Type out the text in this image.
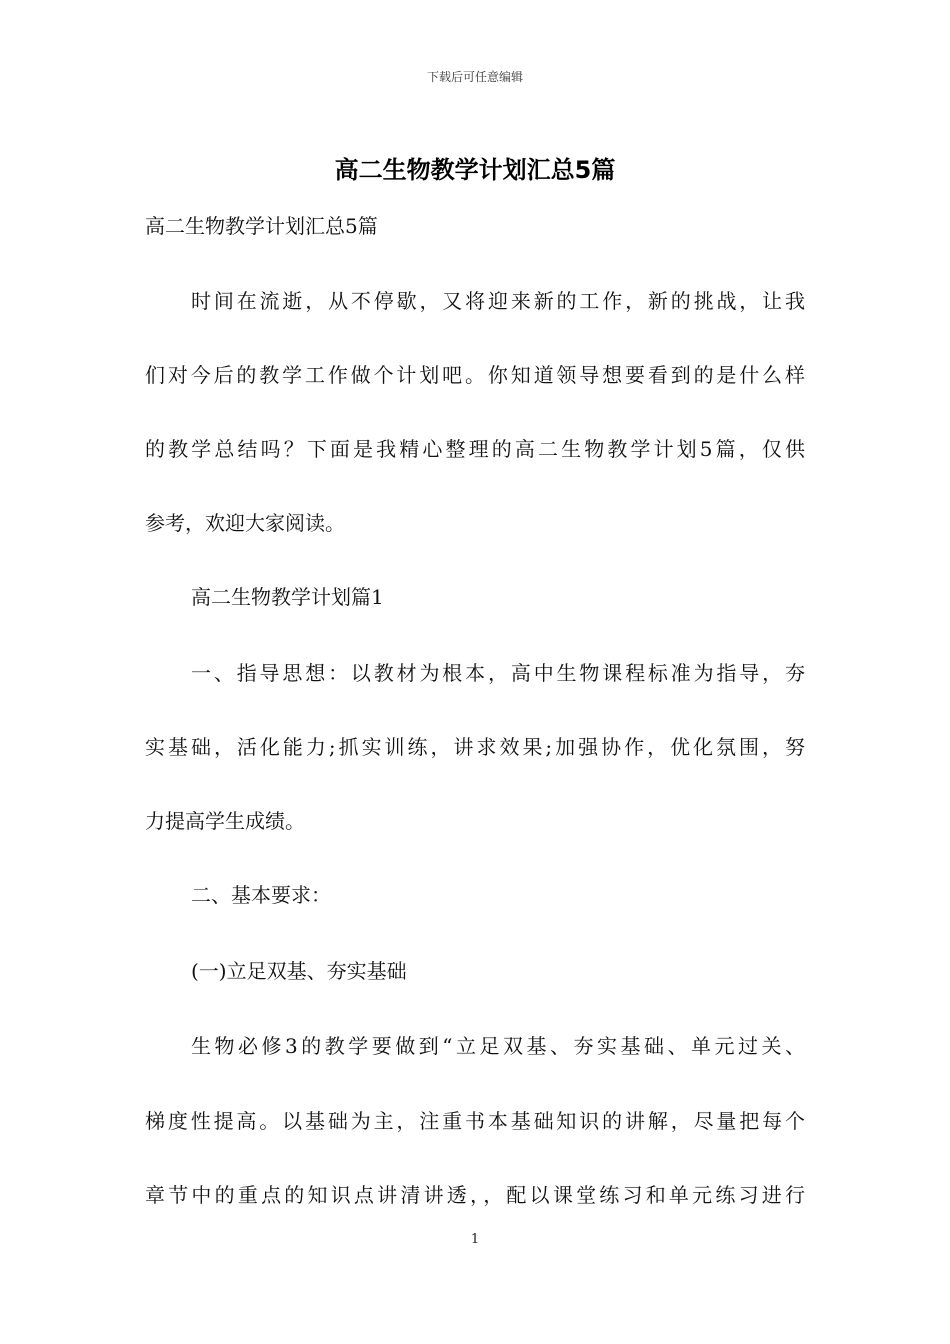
下载后可任意编辑
高二生物教学计划汇总5篇
高二生物教学计划汇总5篇
时间在流逝，从不停歇，又将迎来新的工作，新的挑战，让我
们对今后的教学工作做个计划吧。你知道领导想要看到的是什么样
的教学总结吗？下面是我精心整理的高二生物教学计划5篇，仅供
参考，欢迎大家阅读。
高二生物教学计划篇1
一、指导思想：以教材为根本，高中生物课程标准为指导，夯
实基础，活化能力;抓实训练，讲求效果;加强协作，优化氛围，努
力提高学生成绩。
二、基本要求：
(一)立足双基、夯实基础
生物必修3的教学要做到“立足双基、夯实基础、单元过关、
梯度性提高。以基础为主，注重书本基础知识的讲解，尽量把每个
章节中的重点的知识点讲清讲透，，配以课堂练习和单元练习进行
1
